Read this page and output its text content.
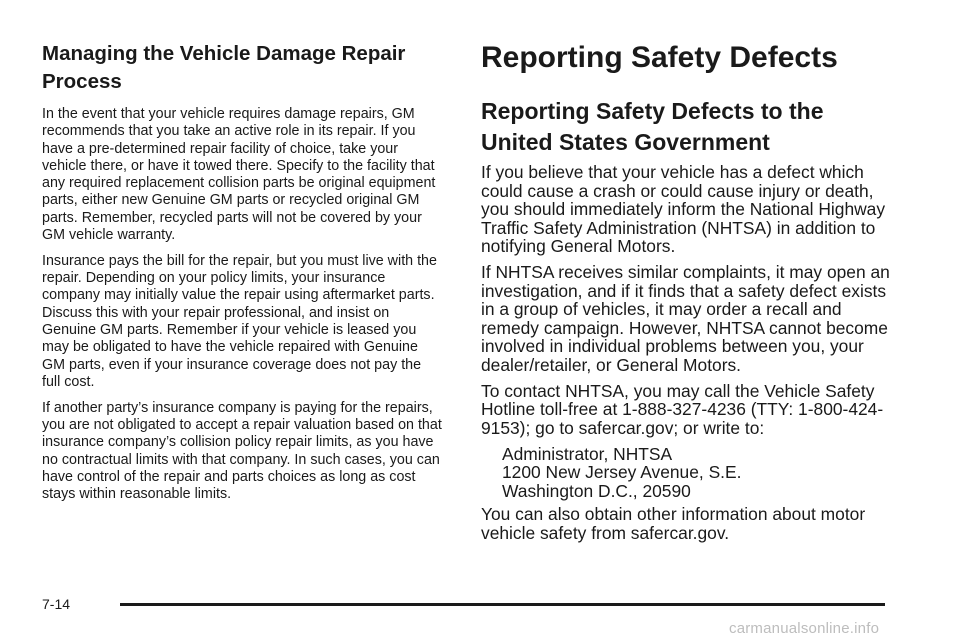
Managing the Vehicle Damage Repair Process

In the event that your vehicle requires damage repairs, GM recommends that you take an active role in its repair. If you have a pre-determined repair facility of choice, take your vehicle there, or have it towed there. Specify to the facility that any required replacement collision parts be original equipment parts, either new Genuine GM parts or recycled original GM parts. Remember, recycled parts will not be covered by your GM vehicle warranty.

Insurance pays the bill for the repair, but you must live with the repair. Depending on your policy limits, your insurance company may initially value the repair using aftermarket parts. Discuss this with your repair professional, and insist on Genuine GM parts. Remember if your vehicle is leased you may be obligated to have the vehicle repaired with Genuine GM parts, even if your insurance coverage does not pay the full cost.

If another party’s insurance company is paying for the repairs, you are not obligated to accept a repair valuation based on that insurance company’s collision policy repair limits, as you have no contractual limits with that company. In such cases, you can have control of the repair and parts choices as long as cost stays within reasonable limits.

Reporting Safety Defects
Reporting Safety Defects to the United States Government

If you believe that your vehicle has a defect which could cause a crash or could cause injury or death, you should immediately inform the National Highway Traffic Safety Administration (NHTSA) in addition to notifying General Motors.

If NHTSA receives similar complaints, it may open an investigation, and if it finds that a safety defect exists in a group of vehicles, it may order a recall and remedy campaign. However, NHTSA cannot become involved in individual problems between you, your dealer/retailer, or General Motors.

To contact NHTSA, you may call the Vehicle Safety Hotline toll-free at 1-888-327-4236 (TTY: 1-800-424-9153); go to safercar.gov; or write to:

Administrator, NHTSA
1200 New Jersey Avenue, S.E.
Washington D.C., 20590

You can also obtain other information about motor vehicle safety from safercar.gov.

7-14
carmanualsonline.info
